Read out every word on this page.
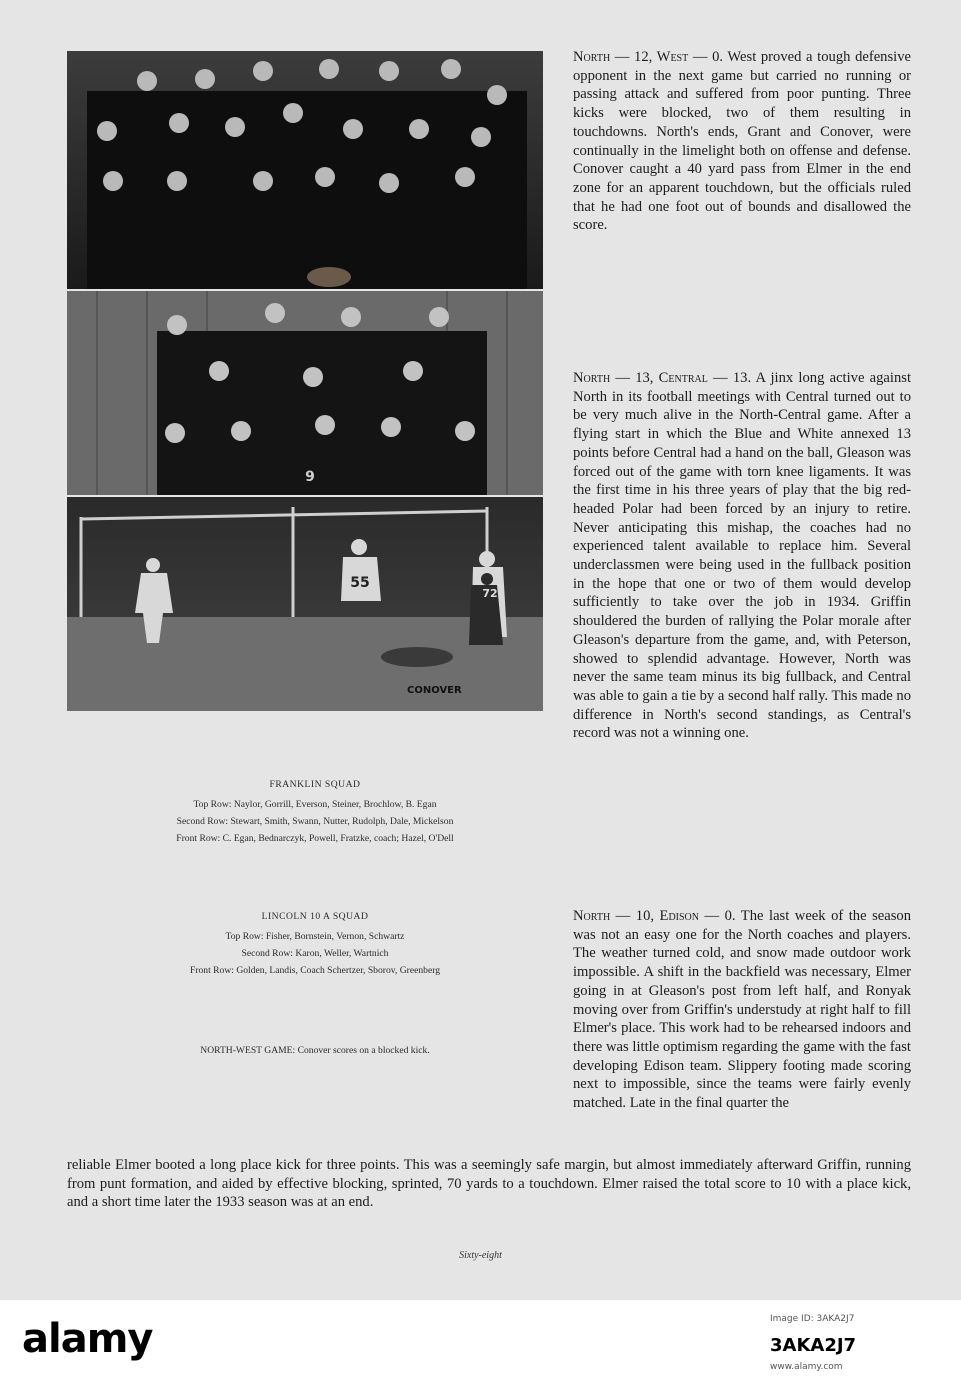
9
55
72
CONOVER
North — 12, West — 0. West proved a tough defensive opponent in the next game but carried no running or passing attack and suffered from poor punting. Three kicks were blocked, two of them resulting in touchdowns. North's ends, Grant and Conover, were continually in the limelight both on offense and defense. Conover caught a 40 yard pass from Elmer in the end zone for an apparent touchdown, but the officials ruled that he had one foot out of bounds and disallowed the score.
North — 13, Central — 13. A jinx long active against North in its football meetings with Central turned out to be very much alive in the North-Central game. After a flying start in which the Blue and White annexed 13 points before Central had a hand on the ball, Gleason was forced out of the game with torn knee ligaments. It was the first time in his three years of play that the big red-headed Polar had been forced by an injury to retire. Never anticipating this mishap, the coaches had no experienced talent available to replace him. Several underclassmen were being used in the fullback position in the hope that one or two of them would develop sufficiently to take over the job in 1934. Griffin shouldered the burden of rallying the Polar morale after Gleason's departure from the game, and, with Peterson, showed to splendid advantage. However, North was never the same team minus its big fullback, and Central was able to gain a tie by a second half rally. This made no difference in North's second standings, as Central's record was not a winning one.
North — 10, Edison — 0. The last week of the season was not an easy one for the North coaches and players. The weather turned cold, and snow made outdoor work impossible. A shift in the backfield was necessary, Elmer going in at Gleason's post from left half, and Ronyak moving over from Griffin's understudy at right half to fill Elmer's place. This work had to be rehearsed indoors and there was little optimism regarding the game with the fast developing Edison team. Slippery footing made scoring next to impossible, since the teams were fairly evenly matched. Late in the final quarter the
reliable Elmer booted a long place kick for three points. This was a seemingly safe margin, but almost immediately afterward Griffin, running from punt formation, and aided by effective blocking, sprinted, 70 yards to a touchdown. Elmer raised the total score to 10 with a place kick, and a short time later the 1933 season was at an end.
FRANKLIN SQUAD
Top Row: Naylor, Gorrill, Everson, Steiner, Brochlow, B. Egan
Second Row: Stewart, Smith, Swann, Nutter, Rudolph, Dale, Mickelson
Front Row: C. Egan, Bednarczyk, Powell, Fratzke, coach; Hazel, O'Dell
LINCOLN 10 A SQUAD
Top Row: Fisher, Bornstein, Vernon, Schwartz
Second Row: Karon, Weller, Wartnich
Front Row: Golden, Landis, Coach Schertzer, Sborov, Greenberg
NORTH-WEST GAME: Conover scores on a blocked kick.
Sixty-eight
alamy	Image ID: 3AKA2J7
3AKA2J7
www.alamy.com
